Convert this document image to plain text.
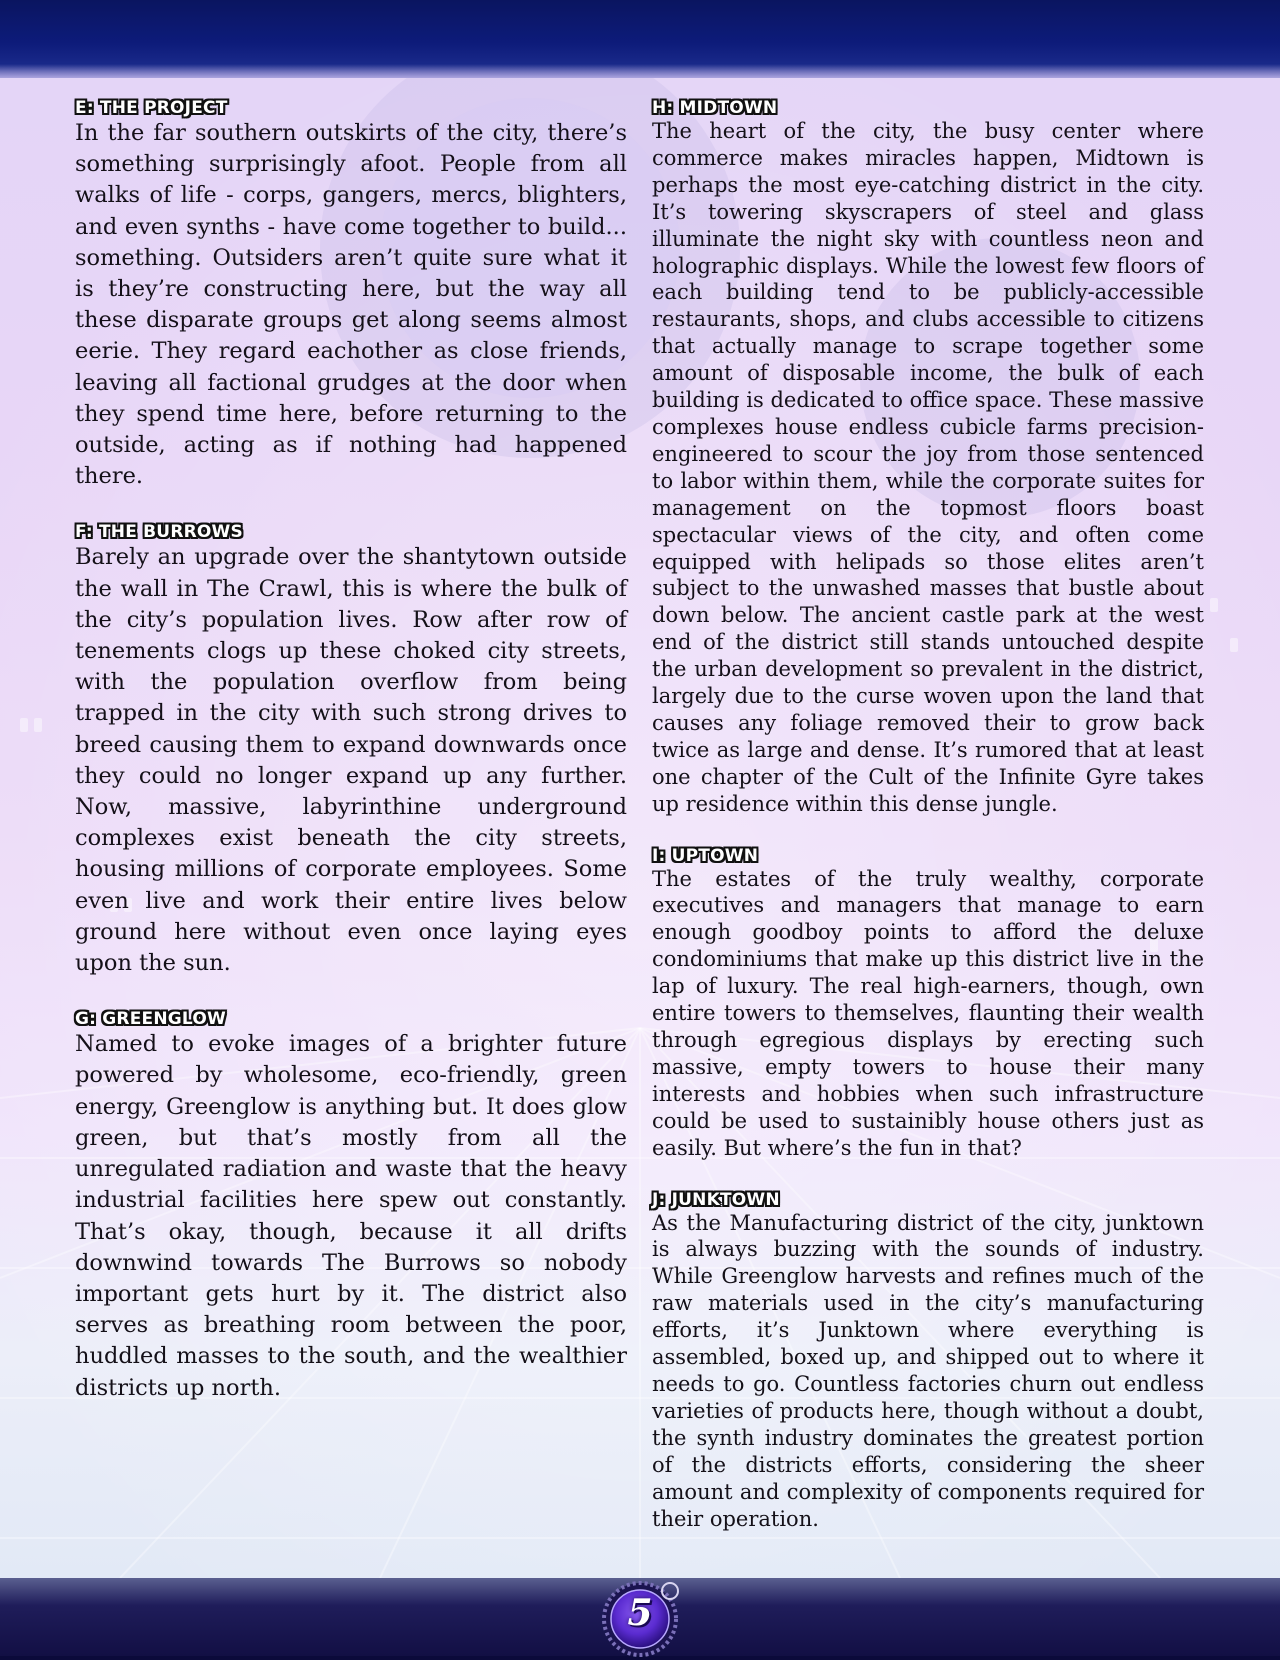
E: THE PROJECT

In the far southern outskirts of the city, there’s something surprisingly afoot. People from all walks of life - corps, gangers, mercs, blighters, and even synths - have come together to build... something. Outsiders aren’t quite sure what it is they’re constructing here, but the way all these disparate groups get along seems almost eerie. They regard eachother as close friends, leaving all factional grudges at the door when they spend time here, before returning to the outside, acting as if nothing had happened there.

F: THE BURROWS

Barely an upgrade over the shantytown outside the wall in The Crawl, this is where the bulk of the city’s population lives. Row after row of tenements clogs up these choked city streets, with the population overflow from being trapped in the city with such strong drives to breed causing them to expand downwards once they could no longer expand up any further. Now, massive, labyrinthine underground complexes exist beneath the city streets, housing millions of corporate employees. Some even live and work their entire lives below ground here without even once laying eyes upon the sun.

G: GREENGLOW

Named to evoke images of a brighter future powered by wholesome, eco-friendly, green energy, Greenglow is anything but. It does glow green, but that’s mostly from all the unregulated radiation and waste that the heavy industrial facilities here spew out constantly. That’s okay, though, because it all drifts downwind towards The Burrows so nobody important gets hurt by it. The district also serves as breathing room between the poor, huddled masses to the south, and the wealthier districts up north.

H: MIDTOWN

The heart of the city, the busy center where commerce makes miracles happen, Midtown is perhaps the most eye-catching district in the city. It’s towering skyscrapers of steel and glass illuminate the night sky with countless neon and holographic displays. While the lowest few floors of each building tend to be publicly-accessible restaurants, shops, and clubs accessible to citizens that actually manage to scrape together some amount of disposable income, the bulk of each building is dedicated to office space. These massive complexes house endless cubicle farms precision-engineered to scour the joy from those sentenced to labor within them, while the corporate suites for management on the topmost floors boast spectacular views of the city, and often come equipped with helipads so those elites aren’t subject to the unwashed masses that bustle about down below. The ancient castle park at the west end of the district still stands untouched despite the urban development so prevalent in the district, largely due to the curse woven upon the land that causes any foliage removed their to grow back twice as large and dense. It’s rumored that at least one chapter of the Cult of the Infinite Gyre takes up residence within this dense jungle.

I: UPTOWN

The estates of the truly wealthy, corporate executives and managers that manage to earn enough goodboy points to afford the deluxe condominiums that make up this district live in the lap of luxury. The real high-earners, though, own entire towers to themselves, flaunting their wealth through egregious displays by erecting such massive, empty towers to house their many interests and hobbies when such infrastructure could be used to sustainibly house others just as easily. But where’s the fun in that?

J: JUNKTOWN

As the Manufacturing district of the city, junktown is always buzzing with the sounds of industry. While Greenglow harvests and refines much of the raw materials used in the city’s manufacturing efforts, it’s Junktown where everything is assembled, boxed up, and shipped out to where it needs to go. Countless factories churn out endless varieties of products here, though without a doubt, the synth industry dominates the greatest portion of the districts efforts, considering the sheer amount and complexity of components required for their operation.

5
